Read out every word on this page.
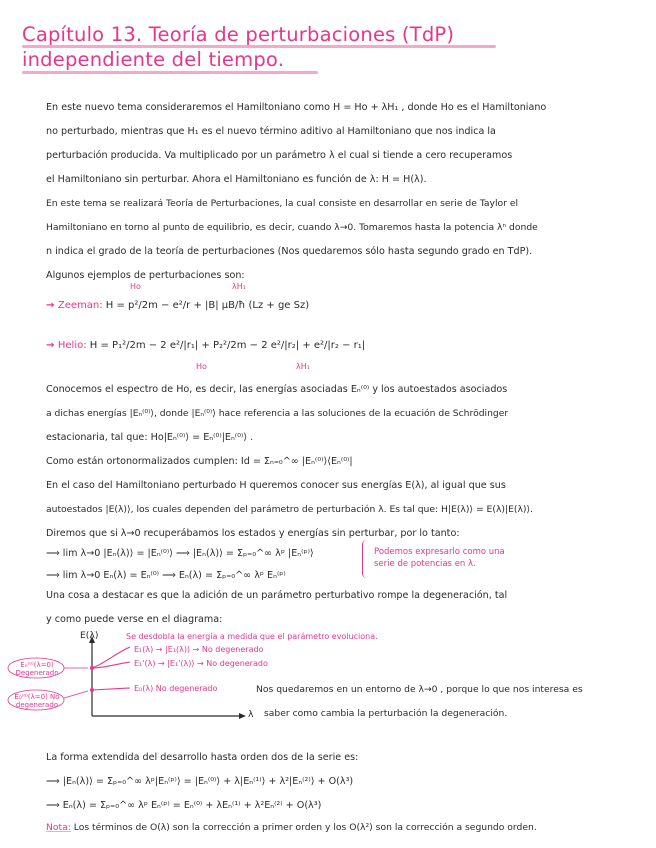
Capítulo 13. Teoría de perturbaciones (TdP)
independiente del tiempo.
En este nuevo tema consideraremos el Hamiltoniano como H = Ho + λH₁ , donde Ho es el Hamiltoniano
no perturbado, mientras que H₁ es el nuevo término aditivo al Hamiltoniano que nos indica la
perturbación producida. Va multiplicado por un parámetro λ el cual si tiende a cero recuperamos
el Hamiltoniano sin perturbar. Ahora el Hamiltoniano es función de λ: H = H(λ).
En este tema se realizará Teoría de Perturbaciones, la cual consiste en desarrollar en serie de Taylor el
Hamiltoniano en torno al punto de equilibrio, es decir, cuando λ→0. Tomaremos hasta la potencia λⁿ donde
n indica el grado de la teoría de perturbaciones (Nos quedaremos sólo hasta segundo grado en TdP).
Algunos ejemplos de perturbaciones son:
Ho	λH₁
→ Zeeman: H = p²/2m − e²/r + |B| μB/ħ (Lz + ge Sz)
→ Helio: H = P₁²/2m − 2 e²/|r₁| + P₂²/2m − 2 e²/|r₂| + e²/|r₂ − r₁|
Ho	λH₁
Conocemos el espectro de Ho, es decir, las energías asociadas Eₙ⁽⁰⁾ y los autoestados asociados
a dichas energías |Eₙ⁽⁰⁾⟩, donde |Eₙ⁽⁰⁾⟩ hace referencia a las soluciones de la ecuación de Schrödinger
estacionaria, tal que: Ho|Eₙ⁽⁰⁾⟩ = Eₙ⁽⁰⁾|Eₙ⁽⁰⁾⟩ .
Como están ortonormalizados cumplen: Id = Σₙ₌₀^∞ |Eₙ⁽⁰⁾⟩⟨Eₙ⁽⁰⁾|
En el caso del Hamiltoniano perturbado H queremos conocer sus energías E(λ), al igual que sus
autoestados |E(λ)⟩, los cuales dependen del parámetro de perturbación λ. Es tal que: H|E(λ)⟩ = E(λ)|E(λ)⟩.
Diremos que si λ→0 recuperábamos los estados y energías sin perturbar, por lo tanto:
⟹ lim λ→0 |Eₙ(λ)⟩ = |Eₙ⁽⁰⁾⟩ ⟹ |Eₙ(λ)⟩ = Σₚ₌₀^∞ λᵖ |Eₙ⁽ᵖ⁾⟩
⟹ lim λ→0 Eₙ(λ) = Eₙ⁽⁰⁾ ⟹ Eₙ(λ) = Σₚ₌₀^∞ λᵖ Eₙ⁽ᵖ⁾
Podemos expresarlo como una serie de potencias en λ.
Una cosa a destacar es que la adición de un parámetro perturbativo rompe la degeneración, tal
y como puede verse en el diagrama:
E(λ)
λ
Se desdobla la energía a medida que el parámetro evoluciona.
E₁(λ) → |E₁(λ)⟩ → No degenerado
E₁'(λ) → |E₁'(λ)⟩ → No degenerado
E₀(λ) No degenerado
Eₙ⁽⁰⁾(λ=0) Degenerado
E₀⁽⁰⁾(λ=0) No degenerado
Nos quedaremos en un entorno de λ→0 , porque lo que nos interesa es
saber como cambia la perturbación la degeneración.
La forma extendida del desarrollo hasta orden dos de la serie es:
⟹ |Eₙ(λ)⟩ = Σₚ₌₀^∞ λᵖ|Eₙ⁽ᵖ⁾⟩ = |Eₙ⁽⁰⁾⟩ + λ|Eₙ⁽¹⁾⟩ + λ²|Eₙ⁽²⁾⟩ + O(λ³)
⟹ Eₙ(λ) = Σₚ₌₀^∞ λᵖ Eₙ⁽ᵖ⁾ = Eₙ⁽⁰⁾ + λEₙ⁽¹⁾ + λ²Eₙ⁽²⁾ + O(λ³)
Nota: Los términos de O(λ) son la corrección a primer orden y los O(λ²) son la corrección a segundo orden.
